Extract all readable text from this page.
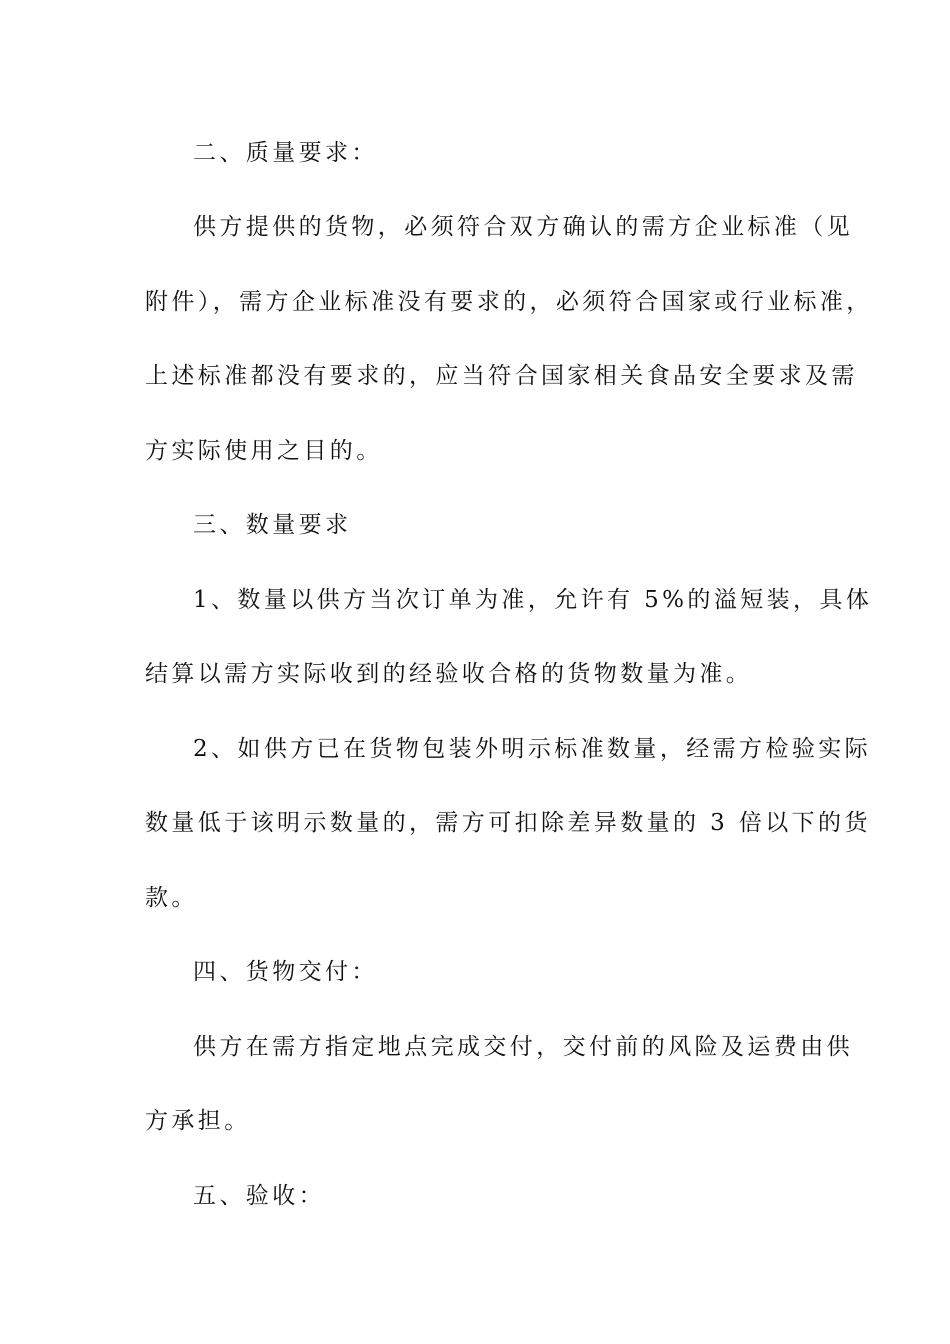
二、质量要求：
供方提供的货物，必须符合双方确认的需方企业标准（见
附件），需方企业标准没有要求的，必须符合国家或行业标准，
上述标准都没有要求的，应当符合国家相关食品安全要求及需
方实际使用之目的。
三、数量要求
1、数量以供方当次订单为准，允许有 5%的溢短装，具体
结算以需方实际收到的经验收合格的货物数量为准。
2、如供方已在货物包装外明示标准数量，经需方检验实际
数量低于该明示数量的，需方可扣除差异数量的 3 倍以下的货
款。
四、货物交付：
供方在需方指定地点完成交付，交付前的风险及运费由供
方承担。
五、验收：
